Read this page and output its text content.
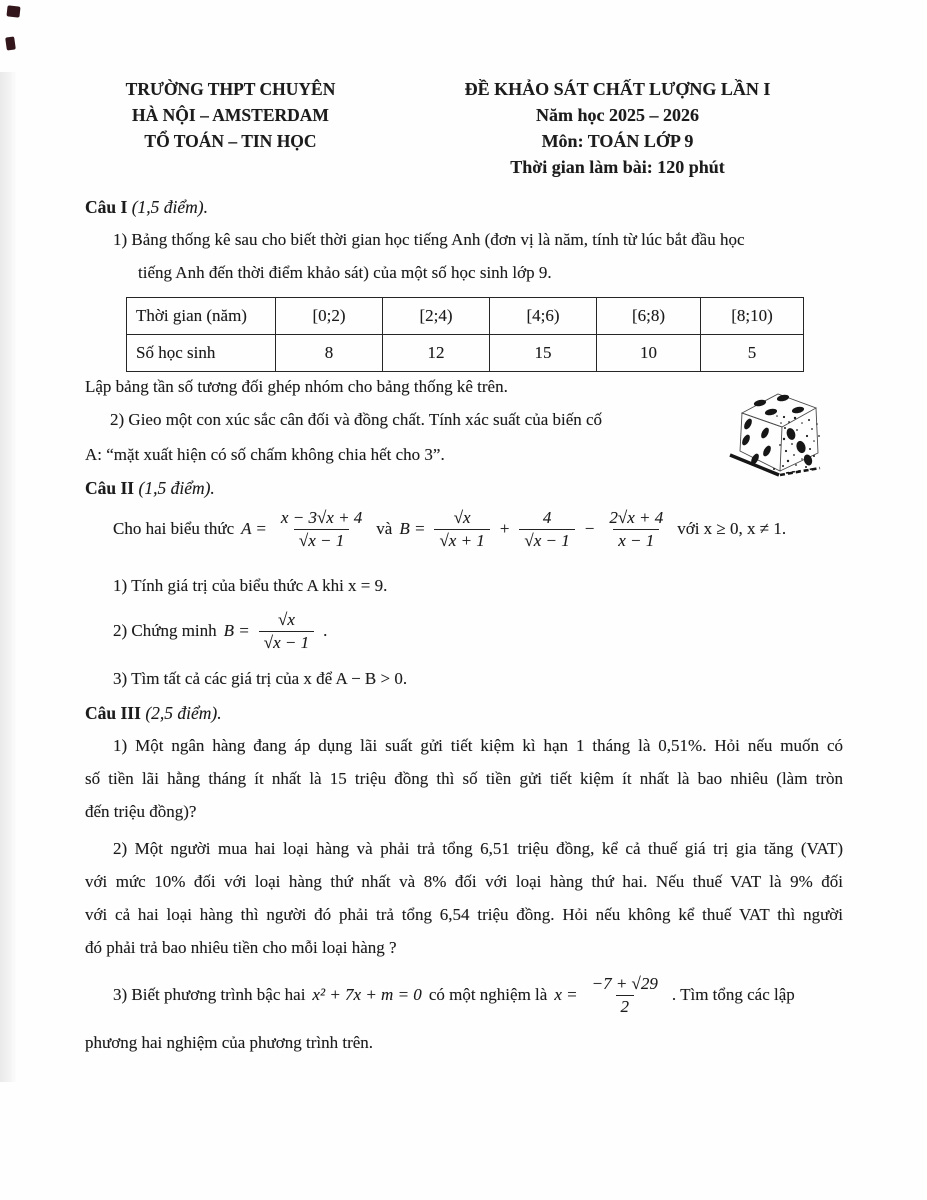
TRƯỜNG THPT CHUYÊN
HÀ NỘI – AMSTERDAM
TỔ TOÁN – TIN HỌC
ĐỀ KHẢO SÁT CHẤT LƯỢNG LẦN I
Năm học 2025 – 2026
Môn: TOÁN LỚP 9
Thời gian làm bài: 120 phút
Câu I (1,5 điểm).
1) Bảng thống kê sau cho biết thời gian học tiếng Anh (đơn vị là năm, tính từ lúc bắt đầu học
tiếng Anh đến thời điểm khảo sát) của một số học sinh lớp 9.
Thời gian (năm)	[0;2)	[2;4)	[4;6)	[6;8)	[8;10)
Số học sinh	8	12	15	10	5
Lập bảng tần số tương đối ghép nhóm cho bảng thống kê trên.
2) Gieo một con xúc sắc cân đối và đồng chất. Tính xác suất của biến cố
A: “mặt xuất hiện có số chấm không chia hết cho 3”.
Câu II (1,5 điểm).
Cho hai biểu thức $A = \frac{x - 3√x + 4}{√x - 1}$ và $B = \frac{√x}{√x + 1} + \frac{4}{√x - 1} - \frac{2√x + 4}{x - 1}$ với x ≥ 0, x ≠ 1.
1) Tính giá trị của biểu thức A khi x = 9.
2) Chứng minh $B = \frac{√x}{√x - 1}$ .
3) Tìm tất cả các giá trị của x để A − B > 0.
Câu III (2,5 điểm).
1) Một ngân hàng đang áp dụng lãi suất gửi tiết kiệm kì hạn 1 tháng là 0,51%. Hỏi nếu muốn có
số tiền lãi hằng tháng ít nhất là 15 triệu đồng thì số tiền gửi tiết kiệm ít nhất là bao nhiêu (làm tròn
đến triệu đồng)?
2) Một người mua hai loại hàng và phải trả tổng 6,51 triệu đồng, kể cả thuế giá trị gia tăng (VAT)
với mức 10% đối với loại hàng thứ nhất và 8% đối với loại hàng thứ hai. Nếu thuế VAT là 9% đối
với cả hai loại hàng thì người đó phải trả tổng 6,54 triệu đồng. Hỏi nếu không kể thuế VAT thì người
đó phải trả bao nhiêu tiền cho mỗi loại hàng ?
3) Biết phương trình bậc hai x² + 7x + m = 0 có một nghiệm là $x = \frac{-7 + √29}{2}$ . Tìm tổng các lập
phương hai nghiệm của phương trình trên.
